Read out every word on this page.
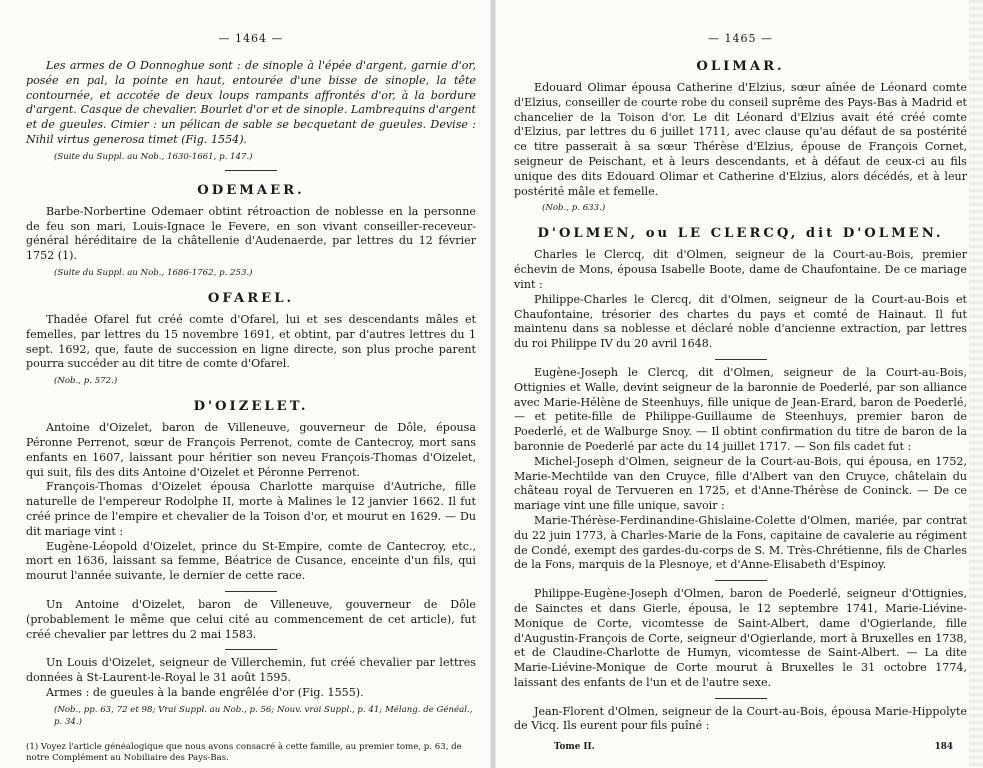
— 1464 —

Les armes de O Donnoghue sont : de sinople à l'épée d'argent, garnie d'or, posée en pal, la pointe en haut, entourée d'une bisse de sinople, la tête contournée, et accotée de deux loups rampants affrontés d'or, à la bordure d'argent. Casque de chevalier. Bourlet d'or et de sinople. Lambrequins d'argent et de gueules. Cimier : un pélican de sable se becquetant de gueules. Devise : Nihil virtus generosa timet (Fig. 1554).

(Suite du Suppl. au Nob., 1630-1661, p. 147.)
ODEMAER.

Barbe-Norbertine Odemaer obtint rétroaction de noblesse en la personne de feu son mari, Louis-Ignace le Fevere, en son vivant conseiller-receveur-général héréditaire de la châtellenie d'Audenaerde, par lettres du 12 février 1752 (1).

(Suite du Suppl. au Nob., 1686-1762, p. 253.)
OFAREL.

Thadée Ofarel fut créé comte d'Ofarel, lui et ses descendants mâles et femelles, par lettres du 15 novembre 1691, et obtint, par d'autres lettres du 1 sept. 1692, que, faute de succession en ligne directe, son plus proche parent pourra succéder au dit titre de comte d'Ofarel.

(Nob., p. 572.)
D'OIZELET.

Antoine d'Oizelet, baron de Villeneuve, gouverneur de Dôle, épousa Péronne Perrenot, sœur de François Perrenot, comte de Cantecroy, mort sans enfants en 1607, laissant pour héritier son neveu François-Thomas d'Oizelet, qui suit, fils des dits Antoine d'Oizelet et Péronne Perrenot.

François-Thomas d'Oizelet épousa Charlotte marquise d'Autriche, fille naturelle de l'empereur Rodolphe II, morte à Malines le 12 janvier 1662. Il fut créé prince de l'empire et chevalier de la Toison d'or, et mourut en 1629. — Du dit mariage vint :

Eugène-Léopold d'Oizelet, prince du St-Empire, comte de Cantecroy, etc., mort en 1636, laissant sa femme, Béatrice de Cusance, enceinte d'un fils, qui mourut l'année suivante, le dernier de cette race.

Un Antoine d'Oizelet, baron de Villeneuve, gouverneur de Dôle (probablement le même que celui cité au commencement de cet article), fut créé chevalier par lettres du 2 mai 1583.

Un Louis d'Oizelet, seigneur de Villerchemin, fut créé chevalier par lettres données à St-Laurent-le-Royal le 31 août 1595.

Armes : de gueules à la bande engrêlée d'or (Fig. 1555).

(Nob., pp. 63, 72 et 98; Vrai Suppl. au Nob., p. 56; Nouv. vrai Suppl., p. 41; Mélang. de Généal., p. 34.)
(1) Voyez l'article généalogique que nous avons consacré à cette famille, au premier tome, p. 63, de notre Complément au Nobiliaire des Pays-Bas.
— 1465 —
OLIMAR.

Edouard Olimar épousa Catherine d'Elzius, sœur aînée de Léonard comte d'Elzius, conseiller de courte robe du conseil suprême des Pays-Bas à Madrid et chancelier de la Toison d'or. Le dit Léonard d'Elzius avait été créé comte d'Elzius, par lettres du 6 juillet 1711, avec clause qu'au défaut de sa postérité ce titre passerait à sa sœur Thérèse d'Elzius, épouse de François Cornet, seigneur de Peischant, et à leurs descendants, et à défaut de ceux-ci au fils unique des dits Edouard Olimar et Catherine d'Elzius, alors décédés, et à leur postérité mâle et femelle.

(Nob., p. 633.)
D'OLMEN, ou LE CLERCQ, dit D'OLMEN.

Charles le Clercq, dit d'Olmen, seigneur de la Court-au-Bois, premier échevin de Mons, épousa Isabelle Boote, dame de Chaufontaine. De ce mariage vint :

Philippe-Charles le Clercq, dit d'Olmen, seigneur de la Court-au-Bois et Chaufontaine, trésorier des chartes du pays et comté de Hainaut. Il fut maintenu dans sa noblesse et déclaré noble d'ancienne extraction, par lettres du roi Philippe IV du 20 avril 1648.

Eugène-Joseph le Clercq, dit d'Olmen, seigneur de la Court-au-Bois, Ottignies et Walle, devint seigneur de la baronnie de Poederlé, par son alliance avec Marie-Hélène de Steenhuys, fille unique de Jean-Erard, baron de Poederlé, — et petite-fille de Philippe-Guillaume de Steenhuys, premier baron de Poederlé, et de Walburge Snoy. — Il obtint confirmation du titre de baron de la baronnie de Poederlé par acte du 14 juillet 1717. — Son fils cadet fut :

Michel-Joseph d'Olmen, seigneur de la Court-au-Bois, qui épousa, en 1752, Marie-Mechtilde van den Cruyce, fille d'Albert van den Cruyce, châtelain du château royal de Tervueren en 1725, et d'Anne-Thérèse de Coninck. — De ce mariage vint une fille unique, savoir :

Marie-Thérèse-Ferdinandine-Ghislaine-Colette d'Olmen, mariée, par contrat du 22 juin 1773, à Charles-Marie de la Fons, capitaine de cavalerie au régiment de Condé, exempt des gardes-du-corps de S. M. Très-Chrétienne, fils de Charles de la Fons, marquis de la Plesnoye, et d'Anne-Elisabeth d'Espinoy.

Philippe-Eugène-Joseph d'Olmen, baron de Poederlé, seigneur d'Ottignies, de Sainctes et dans Gierle, épousa, le 12 septembre 1741, Marie-Liévine-Monique de Corte, vicomtesse de Saint-Albert, dame d'Ogierlande, fille d'Augustin-François de Corte, seigneur d'Ogierlande, mort à Bruxelles en 1738, et de Claudine-Charlotte de Humyn, vicomtesse de Saint-Albert. — La dite Marie-Liévine-Monique de Corte mourut à Bruxelles le 31 octobre 1774, laissant des enfants de l'un et de l'autre sexe.

Jean-Florent d'Olmen, seigneur de la Court-au-Bois, épousa Marie-Hippolyte de Vicq. Ils eurent pour fils puîné :

Tome II.	184
